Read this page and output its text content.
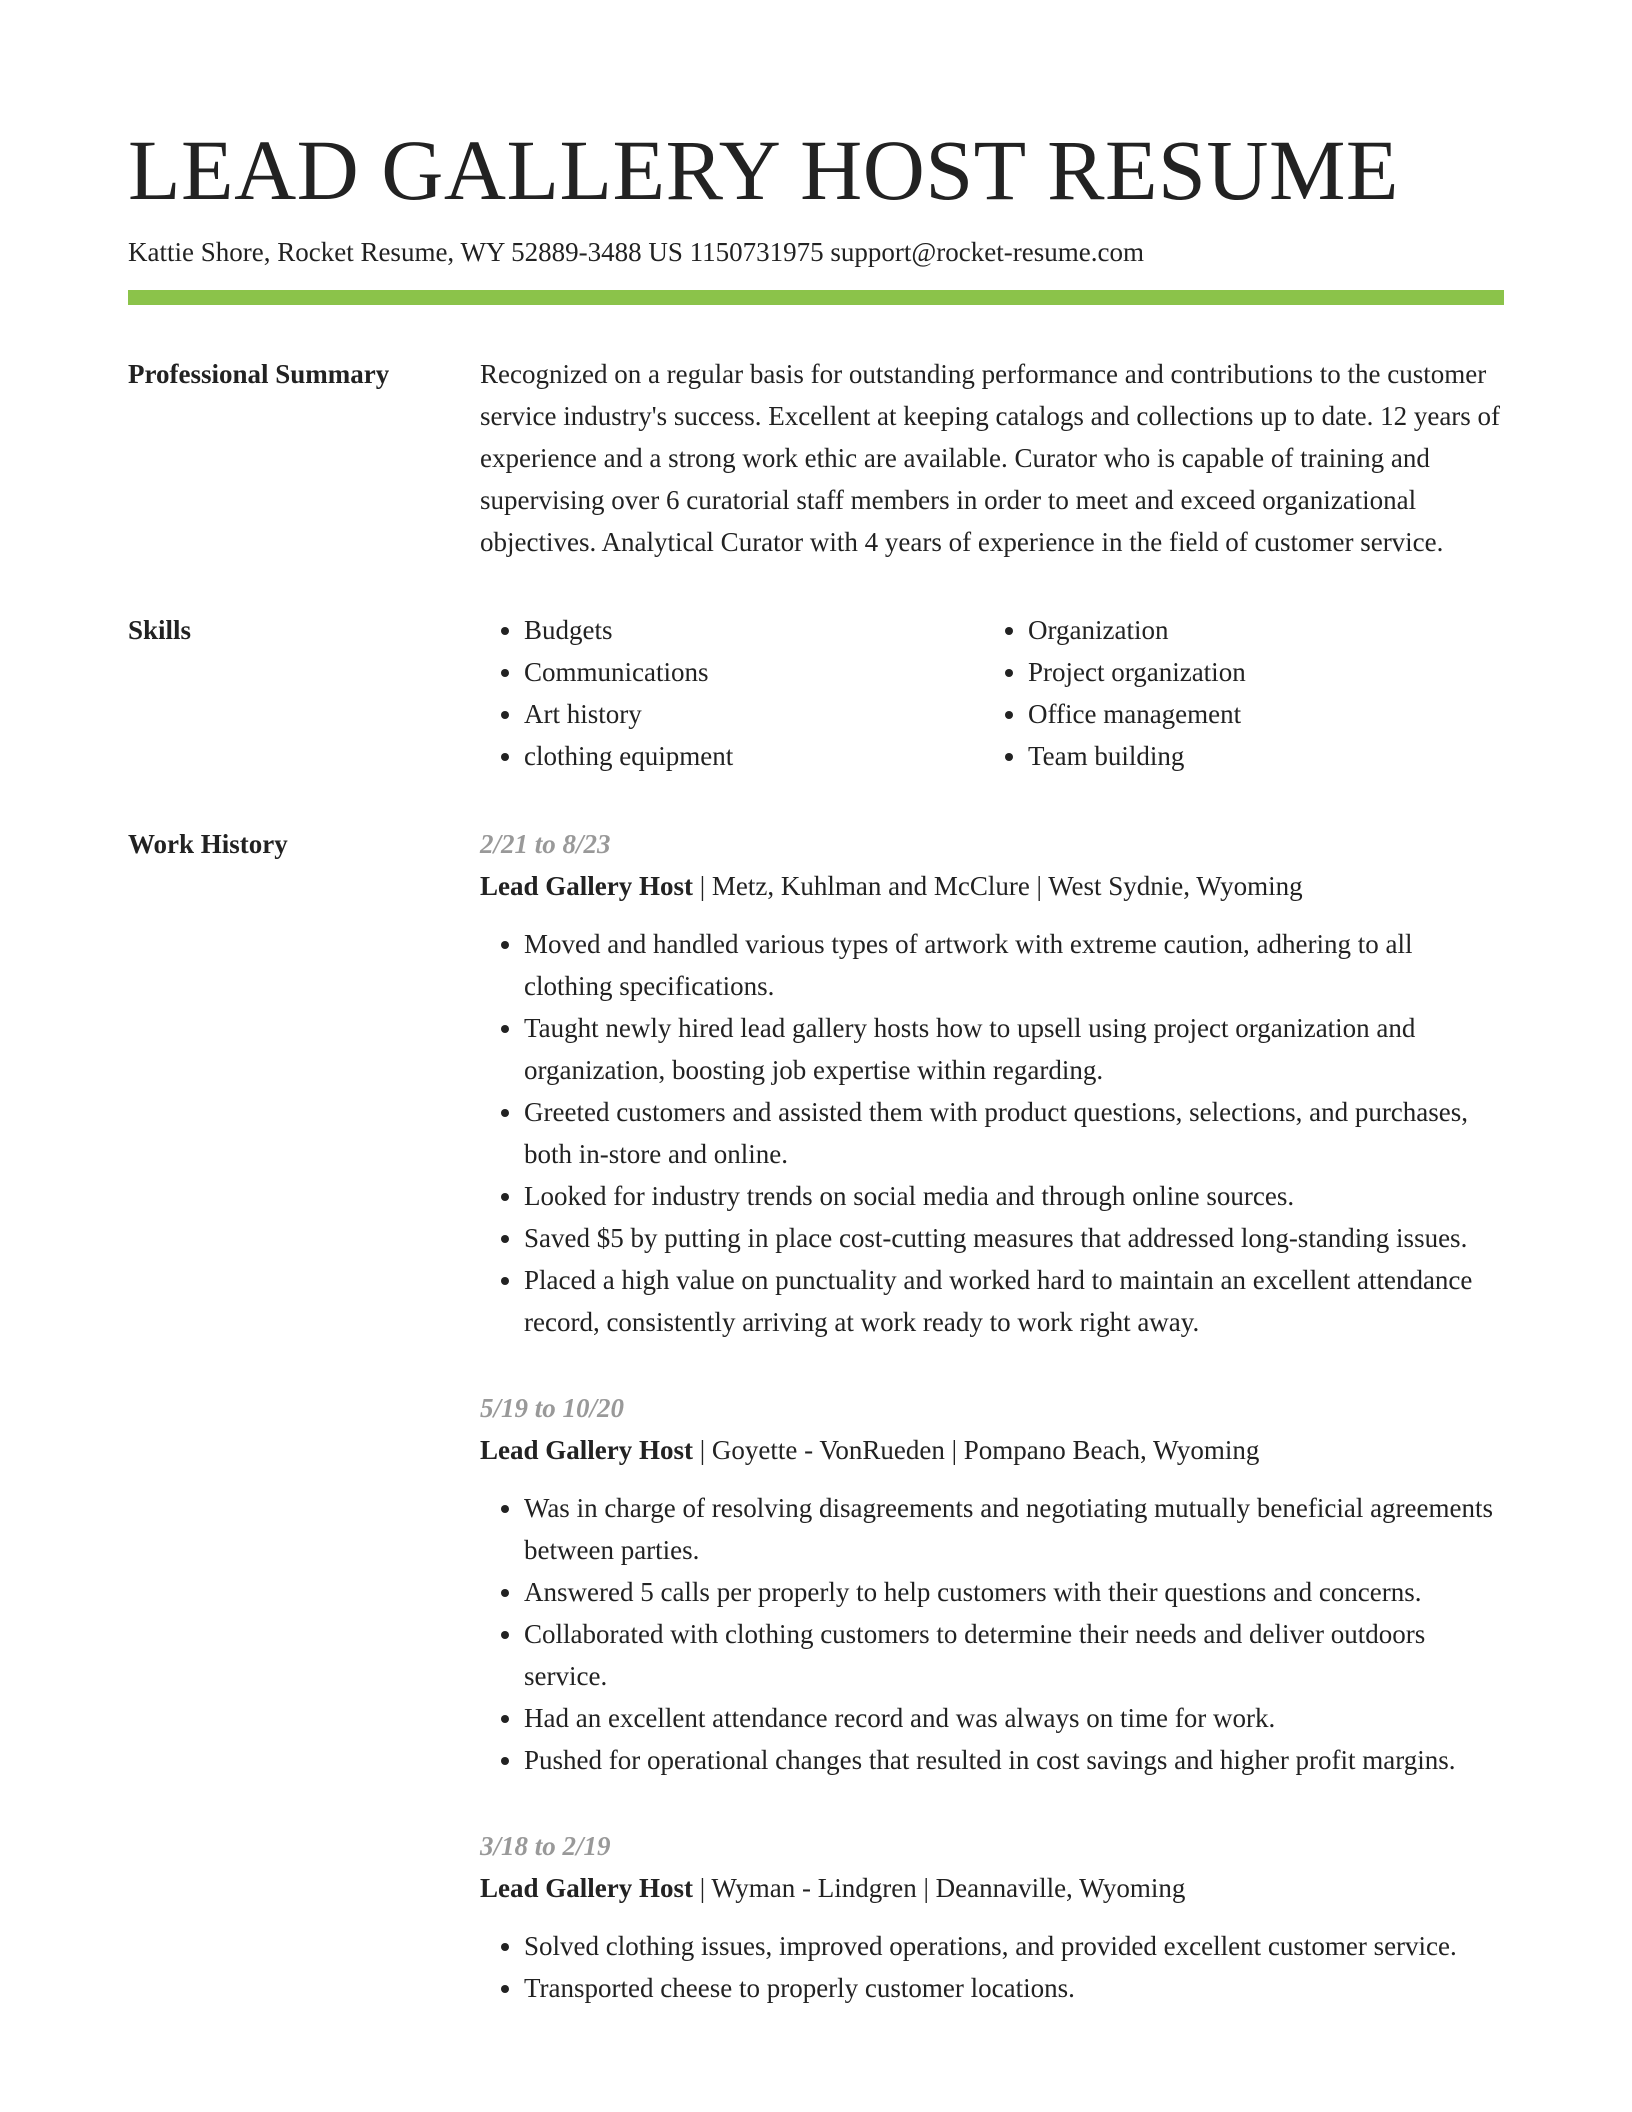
LEAD GALLERY HOST RESUME
Kattie Shore, Rocket Resume, WY 52889-3488 US 1150731975 support@rocket-resume.com
Professional Summary	Recognized on a regular basis for outstanding performance and contributions to the customer service industry's success. Excellent at keeping catalogs and collections up to date. 12 years of experience and a strong work ethic are available. Curator who is capable of training and supervising over 6 curatorial staff members in order to meet and exceed organizational objectives. Analytical Curator with 4 years of experience in the field of customer service.

Skills
•	Budgets
• Communications
• Art history
• clothing equipment
• Organization
• Project organization
• Office management
• Team building
Work History	2/21 to 8/23
Lead Gallery Host | Metz, Kuhlman and McClure | West Sydnie, Wyoming
• Moved and handled various types of artwork with extreme caution, adhering to all clothing specifications.
• Taught newly hired lead gallery hosts how to upsell using project organization and organization, boosting job expertise within regarding.
• Greeted customers and assisted them with product questions, selections, and purchases, both in-store and online.
• Looked for industry trends on social media and through online sources.
• Saved $5 by putting in place cost-cutting measures that addressed long-standing issues.
• Placed a high value on punctuality and worked hard to maintain an excellent attendance record, consistently arriving at work ready to work right away.
5/19 to 10/20
Lead Gallery Host | Goyette - VonRueden | Pompano Beach, Wyoming
• Was in charge of resolving disagreements and negotiating mutually beneficial agreements between parties.
• Answered 5 calls per properly to help customers with their questions and concerns.
• Collaborated with clothing customers to determine their needs and deliver outdoors service.
• Had an excellent attendance record and was always on time for work.
• Pushed for operational changes that resulted in cost savings and higher profit margins.
3/18 to 2/19
Lead Gallery Host | Wyman - Lindgren | Deannaville, Wyoming
• Solved clothing issues, improved operations, and provided excellent customer service.
• Transported cheese to properly customer locations.
